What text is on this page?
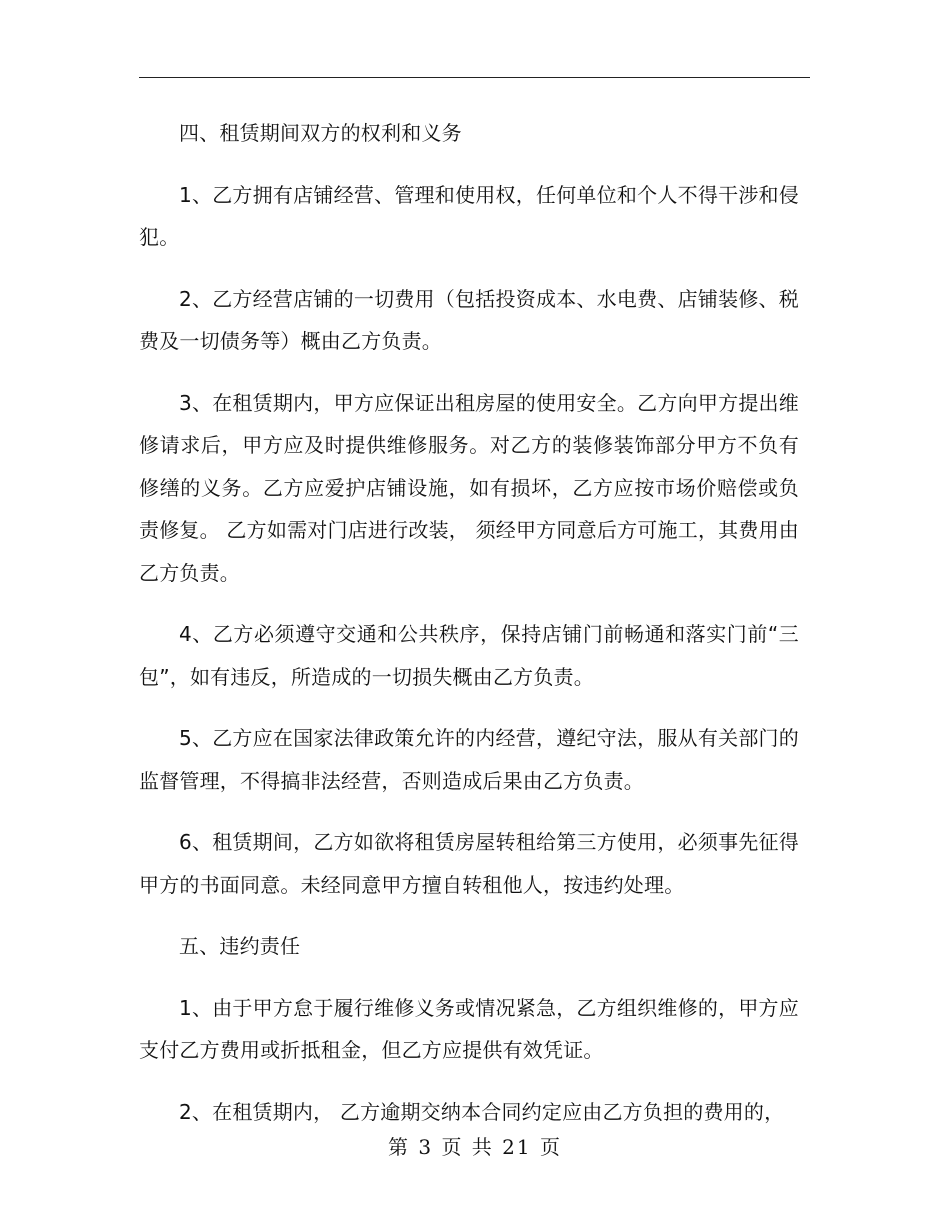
四、租赁期间双方的权利和义务

1、乙方拥有店铺经营、管理和使用权，任何单位和个人不得干涉和侵犯。

2、乙方经营店铺的一切费用（包括投资成本、水电费、店铺装修、税费及一切债务等）概由乙方负责。

3、在租赁期内，甲方应保证出租房屋的使用安全。乙方向甲方提出维修请求后，甲方应及时提供维修服务。对乙方的装修装饰部分甲方不负有修缮的义务。乙方应爱护店铺设施，如有损坏，乙方应按市场价赔偿或负责修复。 乙方如需对门店进行改装， 须经甲方同意后方可施工，其费用由乙方负责。

4、乙方必须遵守交通和公共秩序，保持店铺门前畅通和落实门前“三包”，如有违反，所造成的一切损失概由乙方负责。

5、乙方应在国家法律政策允许的内经营，遵纪守法，服从有关部门的监督管理，不得搞非法经营，否则造成后果由乙方负责。

6、租赁期间，乙方如欲将租赁房屋转租给第三方使用，必须事先征得甲方的书面同意。未经同意甲方擅自转租他人，按违约处理。

五、违约责任

1、由于甲方怠于履行维修义务或情况紧急，乙方组织维修的，甲方应支付乙方费用或折抵租金，但乙方应提供有效凭证。

2、在租赁期内， 乙方逾期交纳本合同约定应由乙方负担的费用的，

第 3 页 共 21 页
